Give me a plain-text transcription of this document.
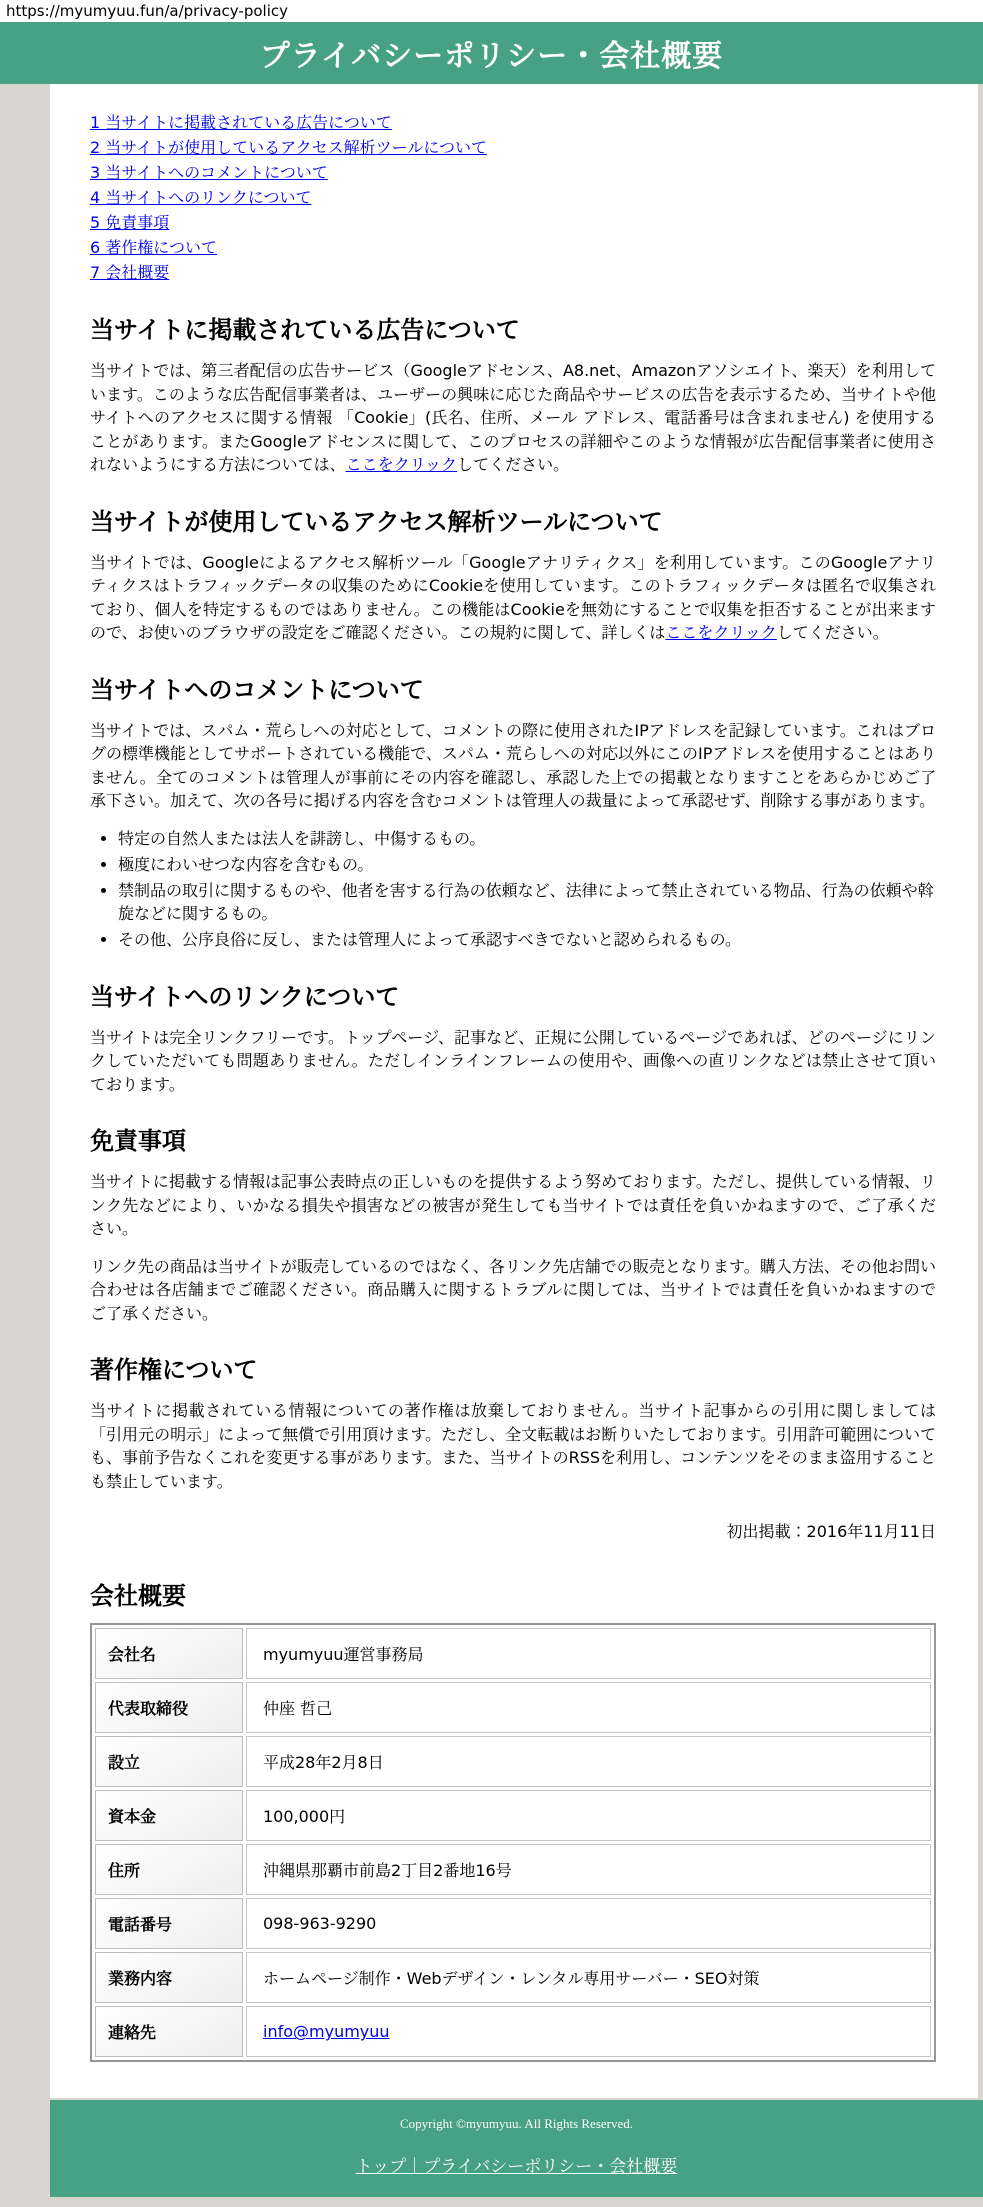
https://myumyuu.fun/a/privacy-policy
プライバシーポリシー・会社概要
1 当サイトに掲載されている広告について
2 当サイトが使用しているアクセス解析ツールについて
3 当サイトへのコメントについて
4 当サイトへのリンクについて
5 免責事項
6 著作権について
7 会社概要
当サイトに掲載されている広告について

当サイトでは、第三者配信の広告サービス（Googleアドセンス、A8.net、Amazonアソシエイト、楽天）を利用しています。このような広告配信事業者は、ユーザーの興味に応じた商品やサービスの広告を表示するため、当サイトや他サイトへのアクセスに関する情報 「Cookie」(氏名、住所、メール アドレス、電話番号は含まれません) を使用することがあります。またGoogleアドセンスに関して、このプロセスの詳細やこのような情報が広告配信事業者に使用されないようにする方法については、ここをクリックしてください。

当サイトが使用しているアクセス解析ツールについて

当サイトでは、Googleによるアクセス解析ツール「Googleアナリティクス」を利用しています。このGoogleアナリティクスはトラフィックデータの収集のためにCookieを使用しています。このトラフィックデータは匿名で収集されており、個人を特定するものではありません。この機能はCookieを無効にすることで収集を拒否することが出来ますので、お使いのブラウザの設定をご確認ください。この規約に関して、詳しくはここをクリックしてください。

当サイトへのコメントについて

当サイトでは、スパム・荒らしへの対応として、コメントの際に使用されたIPアドレスを記録しています。これはブログの標準機能としてサポートされている機能で、スパム・荒らしへの対応以外にこのIPアドレスを使用することはありません。全てのコメントは管理人が事前にその内容を確認し、承認した上での掲載となりますことをあらかじめご了承下さい。加えて、次の各号に掲げる内容を含むコメントは管理人の裁量によって承認せず、削除する事があります。

• 特定の自然人または法人を誹謗し、中傷するもの。
• 極度にわいせつな内容を含むもの。
• 禁制品の取引に関するものや、他者を害する行為の依頼など、法律によって禁止されている物品、行為の依頼や斡旋などに関するもの。
• その他、公序良俗に反し、または管理人によって承認すべきでないと認められるもの。
当サイトへのリンクについて

当サイトは完全リンクフリーです。トップページ、記事など、正規に公開しているページであれば、どのページにリンクしていただいても問題ありません。ただしインラインフレームの使用や、画像への直リンクなどは禁止させて頂いております。

免責事項

当サイトに掲載する情報は記事公表時点の正しいものを提供するよう努めております。ただし、提供している情報、リンク先などにより、いかなる損失や損害などの被害が発生しても当サイトでは責任を負いかねますので、ご了承ください。

リンク先の商品は当サイトが販売しているのではなく、各リンク先店舗での販売となります。購入方法、その他お問い合わせは各店舗までご確認ください。商品購入に関するトラブルに関しては、当サイトでは責任を負いかねますのでご了承ください。

著作権について

当サイトに掲載されている情報についての著作権は放棄しておりません。当サイト記事からの引用に関しましては「引用元の明示」によって無償で引用頂けます。ただし、全文転載はお断りいたしております。引用許可範囲についても、事前予告なくこれを変更する事があります。また、当サイトのRSSを利用し、コンテンツをそのまま盗用することも禁止しています。

初出掲載：2016年11月11日

会社概要
会社名	myumyuu運営事務局
代表取締役	仲座 哲己
設立	平成28年2月8日
資本金	100,000円
住所	沖縄県那覇市前島2丁目2番地16号
電話番号	098-963-9290
業務内容	ホームページ制作・Webデザイン・レンタル専用サーバー・SEO対策
連絡先	info@myumyuu
Copyright ©myumyuu. All Rights Reserved.
トップ｜プライバシーポリシー・会社概要
